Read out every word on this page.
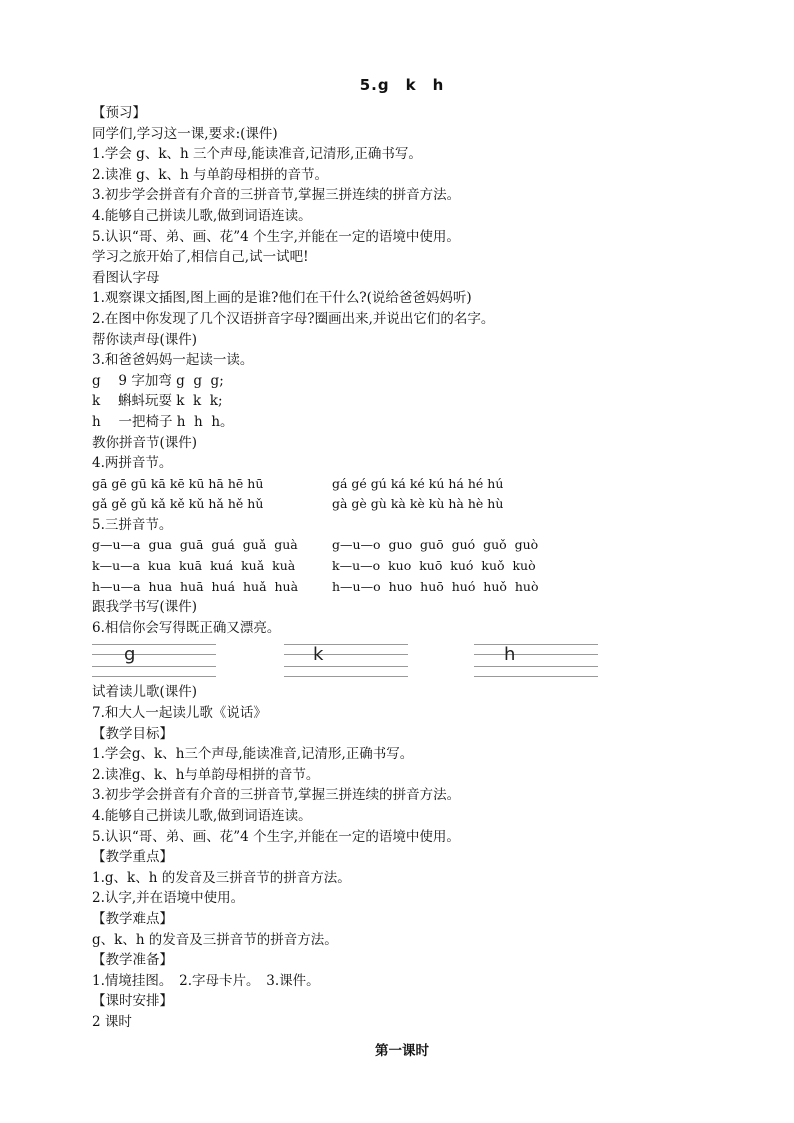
5.g　k　h
【预习】
同学们,学习这一课,要求:(课件)
1.学会 g、k、h 三个声母,能读准音,记清形,正确书写。
2.读准 g、k、h 与单韵母相拼的音节。
3.初步学会拼音有介音的三拼音节,掌握三拼连续的拼音方法。
4.能够自己拼读儿歌,做到词语连读。
5.认识“哥、弟、画、花”4 个生字,并能在一定的语境中使用。
学习之旅开始了,相信自己,试一试吧!
看图认字母
1.观察课文插图,图上画的是谁?他们在干什么?(说给爸爸妈妈听)
2.在图中你发现了几个汉语拼音字母?圈画出来,并说出它们的名字。
帮你读声母(课件)
3.和爸爸妈妈一起读一读。
g　 9 字加弯 g  g  g;
k　 蝌蚪玩耍 k  k  k;
h　 一把椅子 h  h  h。
教你拼音节(课件)
4.两拼音节。
gā gē gū kā kē kū hā hē hū	gá gé gú ká ké kú há hé hú
gǎ gě gǔ kǎ kě kǔ hǎ hě hǔ	gà gè gù kà kè kù hà hè hù
5.三拼音节。
g—u—a  gua  guā  guá  guǎ  guà	g—u—o  guo  guō  guó  guǒ  guò
k—u—a  kua  kuā  kuá  kuǎ  kuà	k—u—o  kuo  kuō  kuó  kuǒ  kuò
h—u—a  hua  huā  huá  huǎ  huà	h—u—o  huo  huō  huó  huǒ  huò
跟我学书写(课件)
6.相信你会写得既正确又漂亮。
g	k	h
试着读儿歌(课件)
7.和大人一起读儿歌《说话》
【教学目标】
1.学会g、k、h三个声母,能读准音,记清形,正确书写。
2.读准g、k、h与单韵母相拼的音节。
3.初步学会拼音有介音的三拼音节,掌握三拼连续的拼音方法。
4.能够自己拼读儿歌,做到词语连读。
5.认识“哥、弟、画、花”4 个生字,并能在一定的语境中使用。
【教学重点】
1.g、k、h 的发音及三拼音节的拼音方法。
2.认字,并在语境中使用。
【教学难点】
g、k、h 的发音及三拼音节的拼音方法。
【教学准备】
1.情境挂图。　2.字母卡片。　3.课件。
【课时安排】
2 课时
第一课时
